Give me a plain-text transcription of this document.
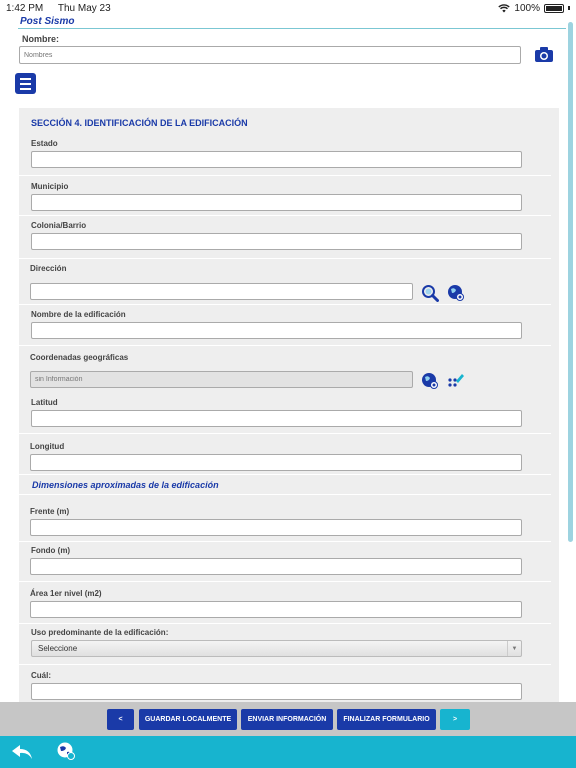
1:42 PM Thu May 23	100%
Post Sismo
Nombre:
Nombres
SECCIÓN 4. IDENTIFICACIÓN DE LA EDIFICACIÓN
Estado
Municipio
Colonia/Barrio
Dirección
Nombre de la edificación
Coordenadas geográficas
sin Información
Latitud
Longitud
Dimensiones aproximadas de la edificación
Frente (m)
Fondo (m)
Área 1er nivel (m2)
Uso predominante de la edificación:
Seleccione	▼
Cuál:
<	GUARDAR LOCALMENTE	ENVIAR INFORMACIÓN	FINALIZAR FORMULARIO	>
